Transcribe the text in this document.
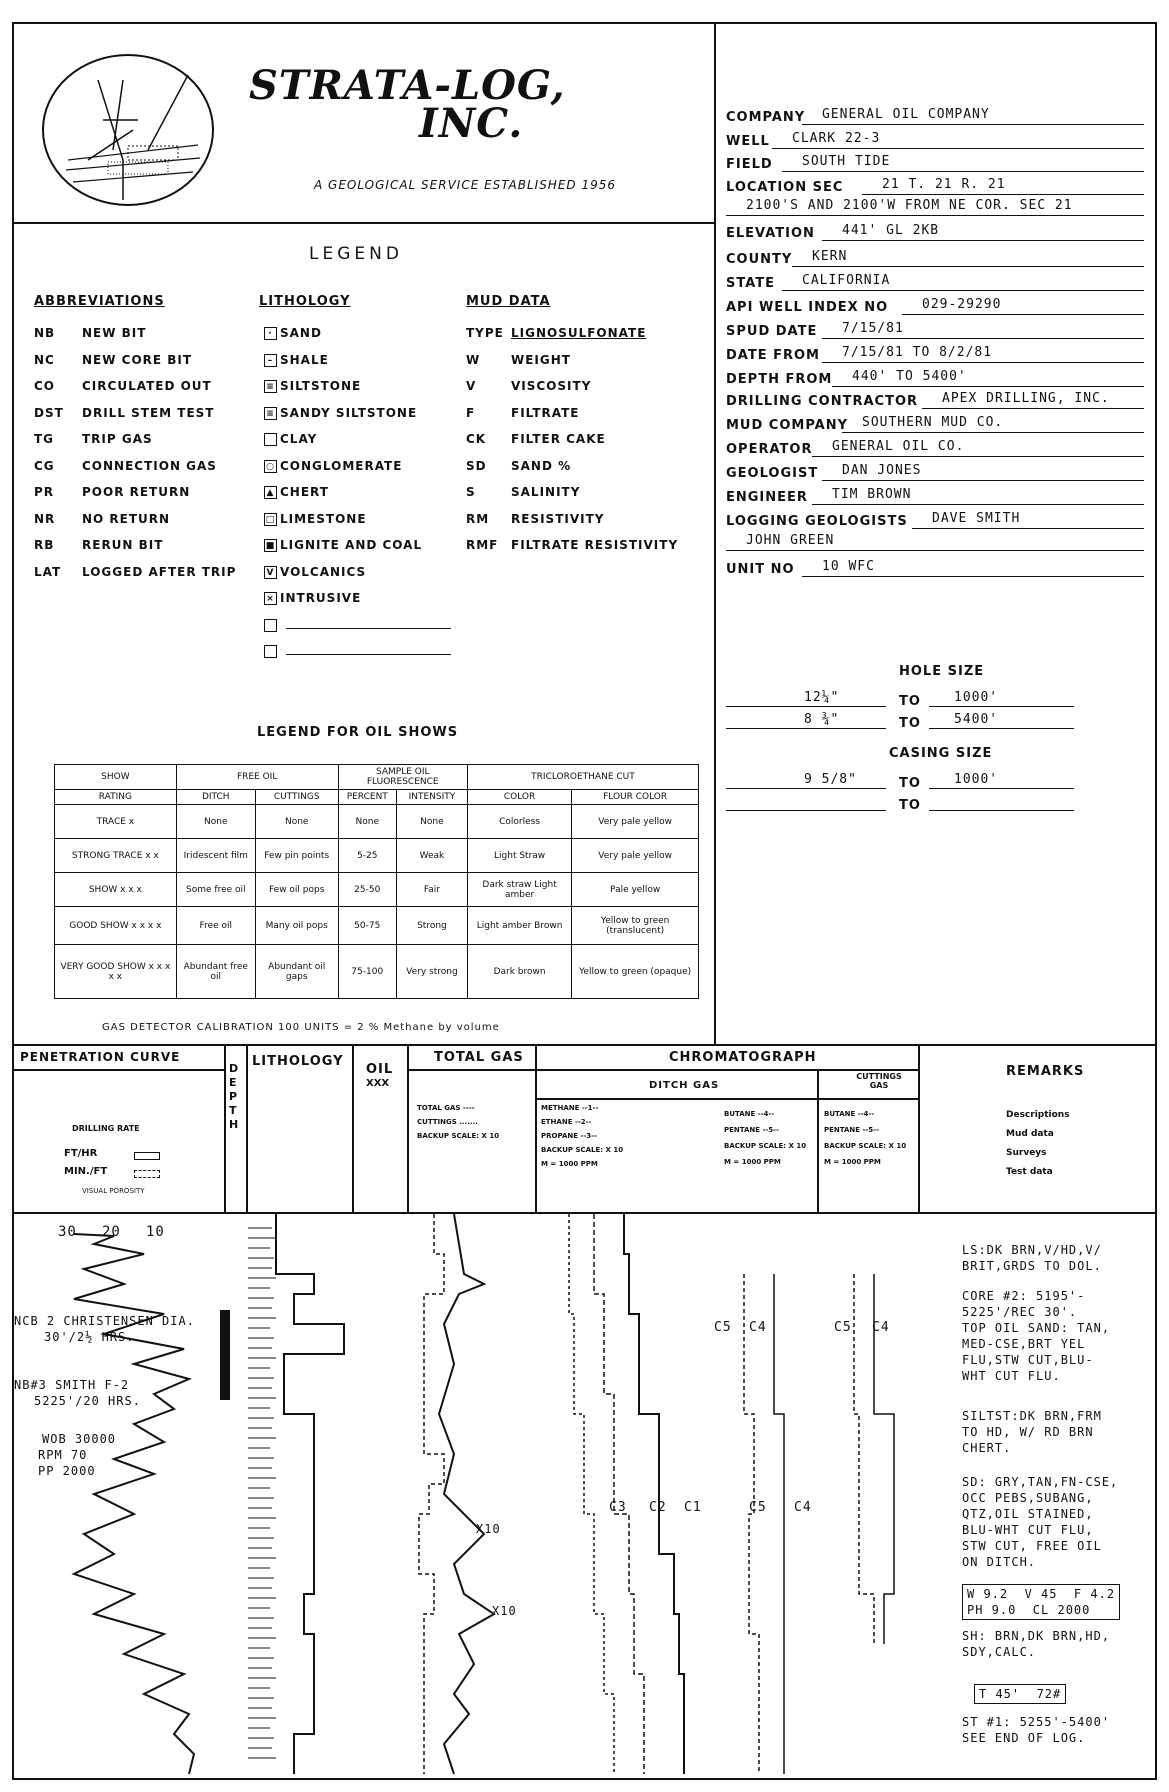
STRATA-LOG,
INC.
A GEOLOGICAL SERVICE ESTABLISHED 1956
COMPANY GENERAL OIL COMPANY
WELL CLARK 22-3
FIELD SOUTH TIDE
LOCATION SEC	21 T. 21 R. 21
2100'S AND 2100'W FROM NE COR. SEC 21
ELEVATION 441' GL 2KB
COUNTY KERN
STATE CALIFORNIA
API WELL INDEX NO	029-29290
SPUD DATE 7/15/81
DATE FROM 7/15/81 TO 8/2/81
DEPTH FROM 440' TO 5400'
DRILLING CONTRACTOR APEX DRILLING, INC.
MUD COMPANY SOUTHERN MUD CO.
OPERATOR GENERAL OIL CO.
GEOLOGIST DAN JONES
ENGINEER TIM BROWN
LOGGING GEOLOGISTS DAVE SMITH
JOHN GREEN
UNIT NO 10 WFC
HOLE SIZE
12¼"	TO	1000'
8 ¾"	TO	5400'
CASING SIZE
9 5/8"	TO	1000'
TO
LEGEND
ABBREVIATIONS	LITHOLOGY	MUD DATA
NB NEW BIT
NC NEW CORE BIT
CO CIRCULATED OUT
DST DRILL STEM TEST
TG TRIP GAS
CG CONNECTION GAS
PR POOR RETURN
NR NO RETURN
RB RERUN BIT
LAT LOGGED AFTER TRIP
· SAND
– SHALE
≡ SILTSTONE
≡ SANDY SILTSTONE
CLAY
○ CONGLOMERATE
▲ CHERT
□ LIMESTONE
■ LIGNITE AND COAL
V VOLCANICS
× INTRUSIVE
TYPE LIGNOSULFONATE
W	WEIGHT
V	VISCOSITY
F	FILTRATE
CK FILTER CAKE
SD SAND %
S	SALINITY
RM RESISTIVITY
RMF FILTRATE RESISTIVITY
LEGEND FOR OIL SHOWS
SHOW	FREE OIL		SAMPLE OIL FLUORESCENCE		TRICLOROETHANE CUT	
RATING	DITCH	CUTTINGS	PERCENT	INTENSITY	COLOR	FLOUR COLOR
TRACE x	None	None	None	None	Colorless	Very pale yellow
STRONG TRACE x x	Iridescent film	Few pin points	5-25	Weak	Light Straw	Very pale yellow
SHOW x x x	Some free oil	Few oil pops	25-50	Fair	Dark straw Light amber	Pale yellow
GOOD SHOW x x x x	Free oil	Many oil pops	50-75	Strong	Light amber Brown	Yellow to green (translucent)
VERY GOOD SHOW x x x x x	Abundant free oil	Abundant oil gaps	75-100	Very strong	Dark brown	Yellow to green (opaque)
GAS DETECTOR CALIBRATION 100 UNITS = 2 % Methane by volume
PENETRATION CURVE
DRILLING RATE
FT/HR
MIN./FT
VISUAL POROSITY
DEPTH
LITHOLOGY
OIL
XXX
TOTAL GAS	CHROMATOGRAPH
DITCH GAS
CUTTINGS GAS
REMARKS
Descriptions
Mud data
Surveys
Test data
TOTAL GAS ----
CUTTINGS .......
BACKUP SCALE: X 10
METHANE --1--
ETHANE --2--
PROPANE --3--
BACKUP SCALE: X 10
M = 1000 PPM
BUTANE --4--
PENTANE --5--
BACKUP SCALE: X 10
M = 1000 PPM
BUTANE --4--
PENTANE --5--
BACKUP SCALE: X 10
M = 1000 PPM
30 20 10
NCB 2 CHRISTENSEN DIA.
30'/2½ HRS.
NB#3 SMITH F-2
5225'/20 HRS.
WOB 30000
RPM 70
PP 2000
C5 C4	C5 C4
C3 C2 C1	C5 C4
X10
X10
LS:DK BRN,V/HD,V/
BRIT,GRDS TO DOL.
CORE #2: 5195'-
5225'/REC 30'.
TOP OIL SAND: TAN,
MED-CSE,BRT YEL
FLU,STW CUT,BLU-
WHT CUT FLU.
SILTST:DK BRN,FRM
TO HD, W/ RD BRN
CHERT.
SD: GRY,TAN,FN-CSE,
OCC PEBS,SUBANG,
QTZ,OIL STAINED,
BLU-WHT CUT FLU,
STW CUT, FREE OIL
ON DITCH.
W 9.2  V 45  F 4.2
PH 9.0  CL 2000
SH: BRN,DK BRN,HD,
SDY,CALC.
T 45'  72#
ST #1: 5255'-5400'
SEE END OF LOG.
